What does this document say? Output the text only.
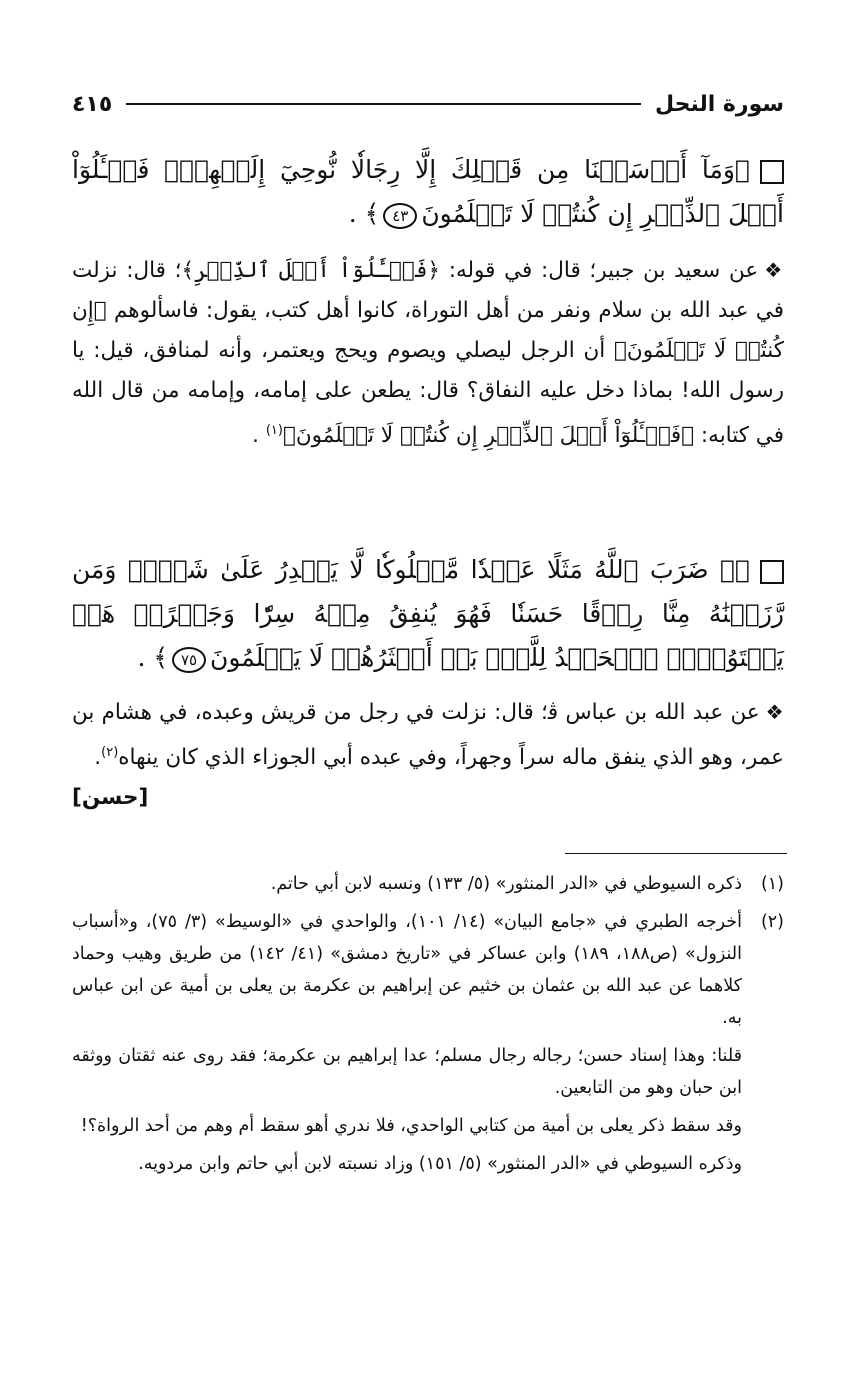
سورة النحل
٤١٥
﴿وَمَآ أَرۡسَلۡنَا مِن قَبۡلِكَ إِلَّا رِجَالٗا نُّوحِيٓ إِلَيۡهِمۡۚ فَسۡـَٔلُوٓاْ أَهۡلَ ٱلذِّكۡرِ إِن كُنتُمۡ لَا تَعۡلَمُونَ٤٣﴾ .
❖عن سعيد بن جبير؛ قال: في قوله: ﴿فَسۡـَٔلُوٓاْ أَهۡلَ ٱلذِّكۡرِ﴾؛ قال: نزلت في عبد الله بن سلام ونفر من أهل التوراة، كانوا أهل كتب، يقول: فاسألوهم ﴿إِن كُنتُمۡ لَا تَعۡلَمُونَ﴾ أن الرجل ليصلي ويصوم ويحج ويعتمر، وأنه لمنافق، قيل: يا رسول الله! بماذا دخل عليه النفاق؟ قال: يطعن على إمامه، وإمامه من قال الله في كتابه: ﴿فَسۡـَٔلُوٓاْ أَهۡلَ ٱلذِّكۡرِ إِن كُنتُمۡ لَا تَعۡلَمُونَ﴾$^{(١)}$ .
﴿۞ ضَرَبَ ٱللَّهُ مَثَلًا عَبۡدٗا مَّمۡلُوكٗا لَّا يَقۡدِرُ عَلَىٰ شَيۡءٖ وَمَن رَّزَقۡنَٰهُ مِنَّا رِزۡقًا حَسَنٗا فَهُوَ يُنفِقُ مِنۡهُ سِرّٗا وَجَهۡرًاۖ هَلۡ يَسۡتَوُۥنَۚ ٱلۡحَمۡدُ لِلَّهِۚ بَلۡ أَكۡثَرُهُمۡ لَا يَعۡلَمُونَ٧٥﴾ .
❖عن عبد الله بن عباس ﭬ؛ قال: نزلت في رجل من قريش وعبده، في هشام بن عمر، وهو الذي ينفق ماله سراً وجهراً، وفي عبده أبي الجوزاء الذي كان ينهاه$^{(٢)}$.
[حسن]
(١)

ذكره السيوطي في «الدر المنثور» (٥/ ١٣٣) ونسبه لابن أبي حاتم.

(٢)

أخرجه الطبري في «جامع البيان» (١٤/ ١٠١)، والواحدي في «الوسيط» (٣/ ٧٥)، و«أسباب النزول» (ص١٨٨، ١٨٩) وابن عساكر في «تاريخ دمشق» (٤١/ ١٤٢) من طريق وهيب وحماد كلاهما عن عبد الله بن عثمان بن خثيم عن إبراهيم بن عكرمة بن يعلى بن أمية عن ابن عباس به.

قلنا: وهذا إسناد حسن؛ رجاله رجال مسلم؛ عدا إبراهيم بن عكرمة؛ فقد روى عنه ثقتان ووثقه ابن حبان وهو من التابعين.

وقد سقط ذكر يعلى بن أمية من كتابي الواحدي، فلا ندري أهو سقط أم وهم من أحد الرواة؟!

وذكره السيوطي في «الدر المنثور» (٥/ ١٥١) وزاد نسبته لابن أبي حاتم وابن مردويه.
